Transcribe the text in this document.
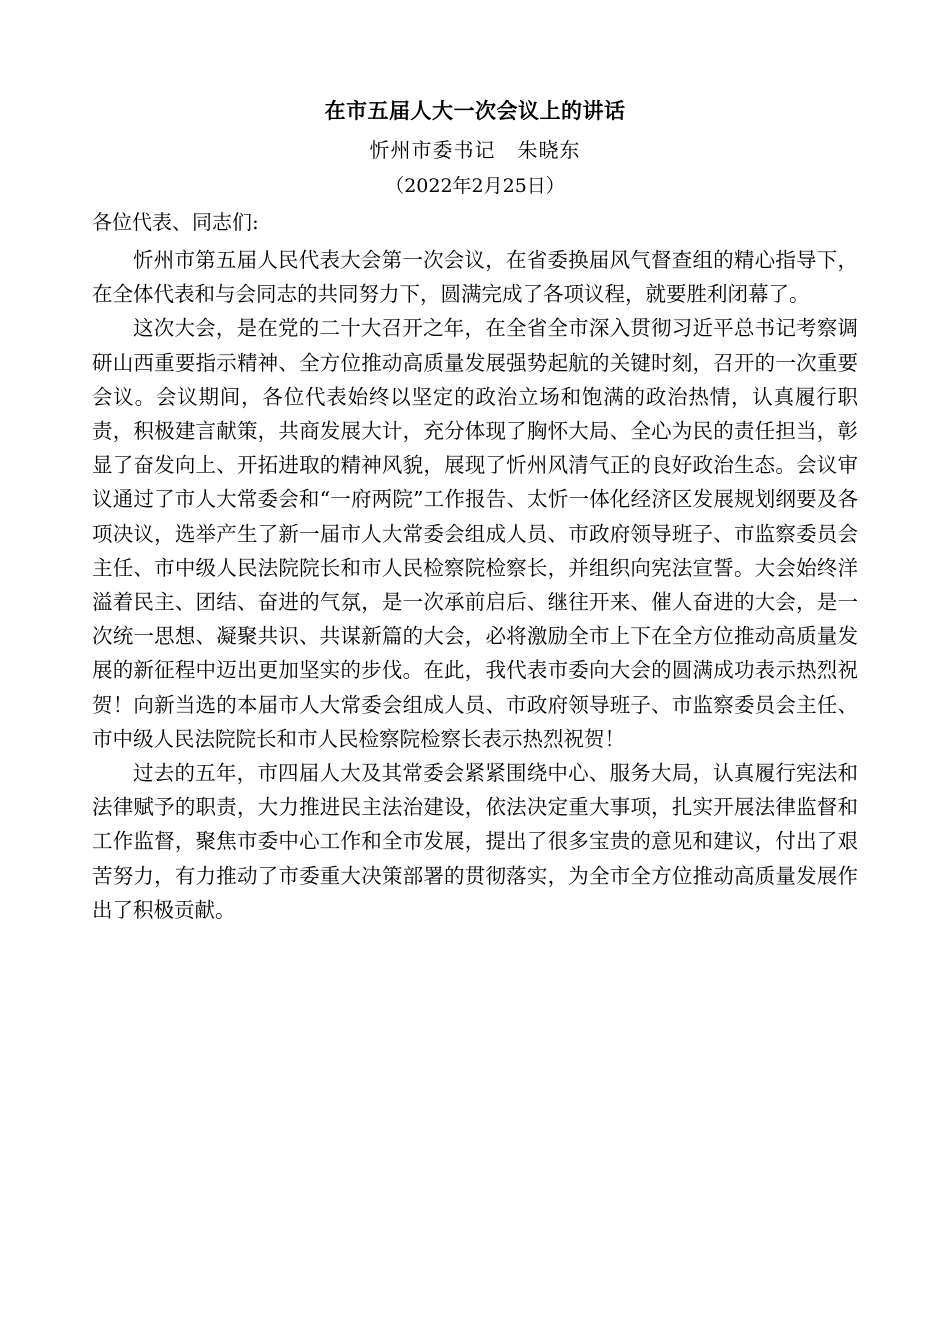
在市五届人大一次会议上的讲话
忻州市委书记 朱晓东
（2022年2月25日）
各位代表、同志们:

忻州市第五届人民代表大会第一次会议，在省委换届风气督查组的精心指导下，在全体代表和与会同志的共同努力下，圆满完成了各项议程，就要胜利闭幕了。

这次大会，是在党的二十大召开之年，在全省全市深入贯彻习近平总书记考察调研山西重要指示精神、全方位推动高质量发展强势起航的关键时刻，召开的一次重要会议。会议期间，各位代表始终以坚定的政治立场和饱满的政治热情，认真履行职责，积极建言献策，共商发展大计，充分体现了胸怀大局、全心为民的责任担当，彰显了奋发向上、开拓进取的精神风貌，展现了忻州风清气正的良好政治生态。会议审议通过了市人大常委会和“一府两院”工作报告、太忻一体化经济区发展规划纲要及各项决议，选举产生了新一届市人大常委会组成人员、市政府领导班子、市监察委员会主任、市中级人民法院院长和市人民检察院检察长，并组织向宪法宣誓。大会始终洋溢着民主、团结、奋进的气氛，是一次承前启后、继往开来、催人奋进的大会，是一次统一思想、凝聚共识、共谋新篇的大会，必将激励全市上下在全方位推动高质量发展的新征程中迈出更加坚实的步伐。在此，我代表市委向大会的圆满成功表示热烈祝贺！向新当选的本届市人大常委会组成人员、市政府领导班子、市监察委员会主任、市中级人民法院院长和市人民检察院检察长表示热烈祝贺！

过去的五年，市四届人大及其常委会紧紧围绕中心、服务大局，认真履行宪法和法律赋予的职责，大力推进民主法治建设，依法决定重大事项，扎实开展法律监督和工作监督，聚焦市委中心工作和全市发展，提出了很多宝贵的意见和建议，付出了艰苦努力，有力推动了市委重大决策部署的贯彻落实，为全市全方位推动高质量发展作出了积极贡献。
